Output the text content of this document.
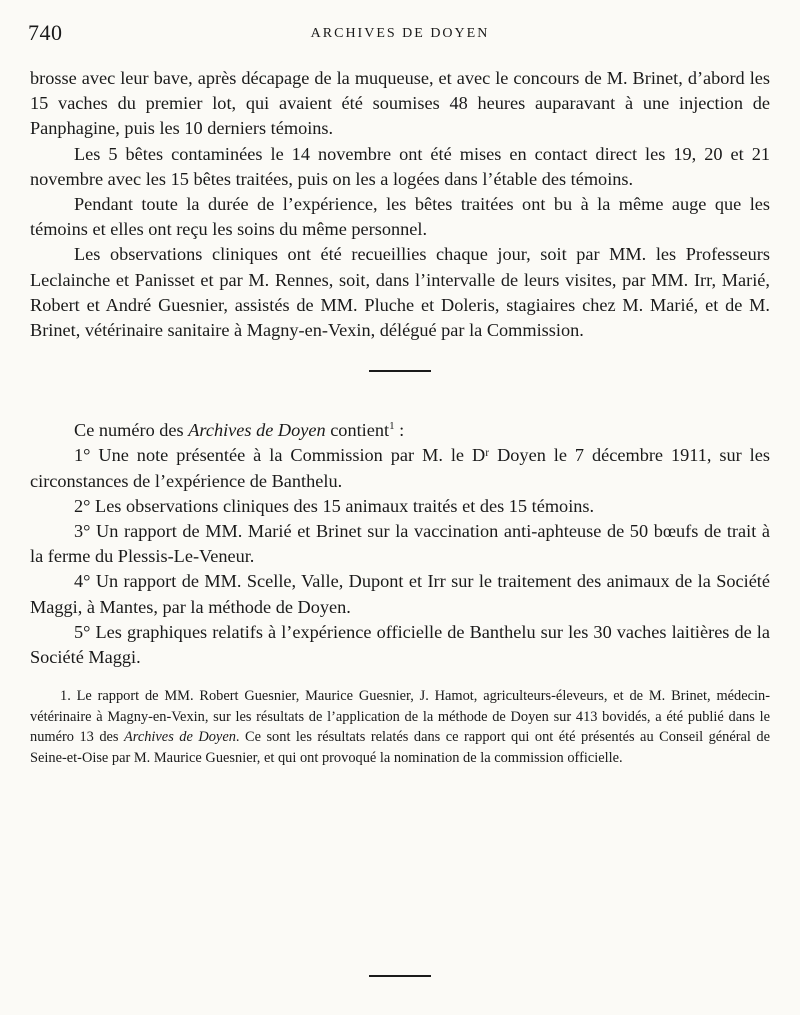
740	ARCHIVES DE DOYEN

brosse avec leur bave, après décapage de la muqueuse, et avec le concours de M. Brinet, d’abord les 15 vaches du premier lot, qui avaient été soumises 48 heures auparavant à une injection de Panphagine, puis les 10 derniers témoins.

Les 5 bêtes contaminées le 14 novembre ont été mises en contact direct les 19, 20 et 21 novembre avec les 15 bêtes traitées, puis on les a logées dans l’étable des témoins.

Pendant toute la durée de l’expérience, les bêtes traitées ont bu à la même auge que les témoins et elles ont reçu les soins du même personnel.

Les observations cliniques ont été recueillies chaque jour, soit par MM. les Professeurs Leclainche et Panisset et par M. Rennes, soit, dans l’intervalle de leurs visites, par MM. Irr, Marié, Robert et André Guesnier, assistés de MM. Pluche et Doleris, stagiaires chez M. Marié, et de M. Brinet, vétérinaire sanitaire à Magny-en-Vexin, délégué par la Commission.

Ce numéro des Archives de Doyen contient$^1$ :

1° Une note présentée à la Commission par M. le Dʳ Doyen le 7 décembre 1911, sur les circonstances de l’expérience de Banthelu.

2° Les observations cliniques des 15 animaux traités et des 15 témoins.

3° Un rapport de MM. Marié et Brinet sur la vaccination anti-aphteuse de 50 bœufs de trait à la ferme du Plessis-Le-Veneur.

4° Un rapport de MM. Scelle, Valle, Dupont et Irr sur le traitement des animaux de la Société Maggi, à Mantes, par la méthode de Doyen.

5° Les graphiques relatifs à l’expérience officielle de Banthelu sur les 30 vaches laitières de la Société Maggi.

1. Le rapport de MM. Robert Guesnier, Maurice Guesnier, J. Hamot, agriculteurs-éleveurs, et de M. Brinet, médecin-vétérinaire à Magny-en-Vexin, sur les résultats de l’application de la méthode de Doyen sur 413 bovidés, a été publié dans le numéro 13 des Archives de Doyen. Ce sont les résultats relatés dans ce rapport qui ont été présentés au Conseil général de Seine-et-Oise par M. Maurice Guesnier, et qui ont provoqué la nomination de la commission officielle.
